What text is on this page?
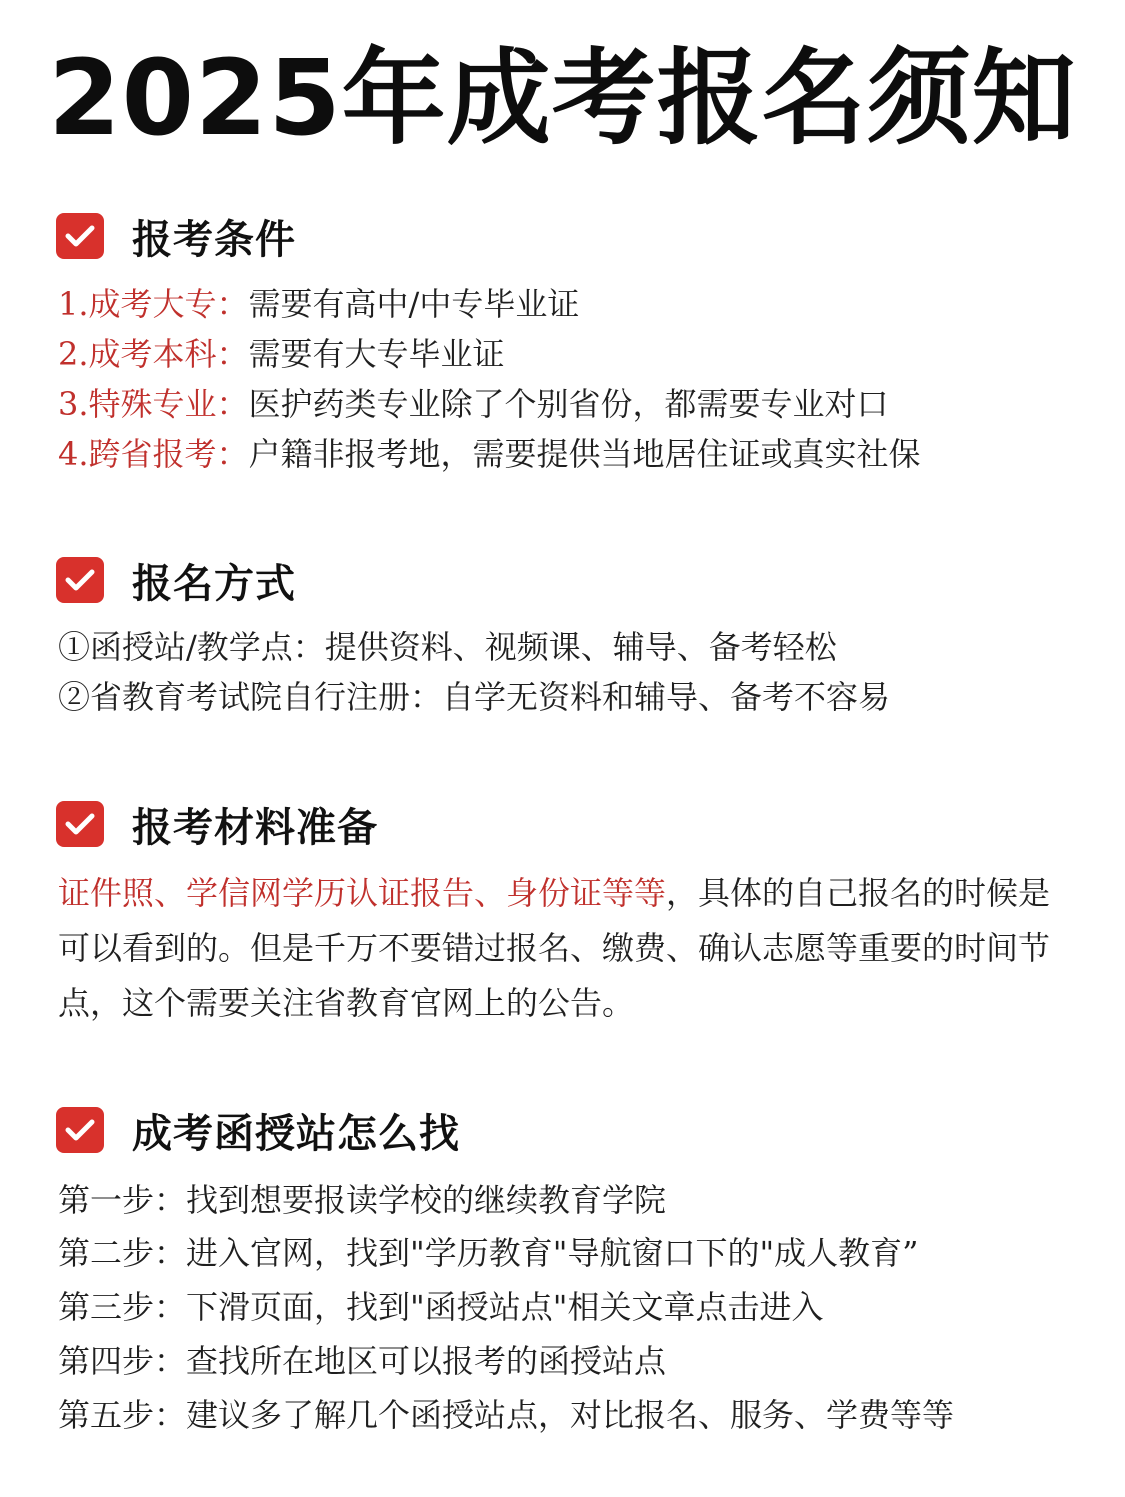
2025年成考报名须知
报考条件
1.成考大专：需要有高中/中专毕业证
2.成考本科：需要有大专毕业证
3.特殊专业：医护药类专业除了个别省份，都需要专业对口
4.跨省报考：户籍非报考地，需要提供当地居住证或真实社保
报名方式
①函授站/教学点：提供资料、视频课、辅导、备考轻松
②省教育考试院自行注册：自学无资料和辅导、备考不容易
报考材料准备
证件照、学信网学历认证报告、身份证等等，具体的自己报名的时候是可以看到的。但是千万不要错过报名、缴费、确认志愿等重要的时间节点，这个需要关注省教育官网上的公告。
成考函授站怎么找
第一步：找到想要报读学校的继续教育学院
第二步：进入官网，找到"学历教育"导航窗口下的"成人教育”
第三步：下滑页面，找到"函授站点"相关文章点击进入
第四步：查找所在地区可以报考的函授站点
第五步：建议多了解几个函授站点，对比报名、服务、学费等等
